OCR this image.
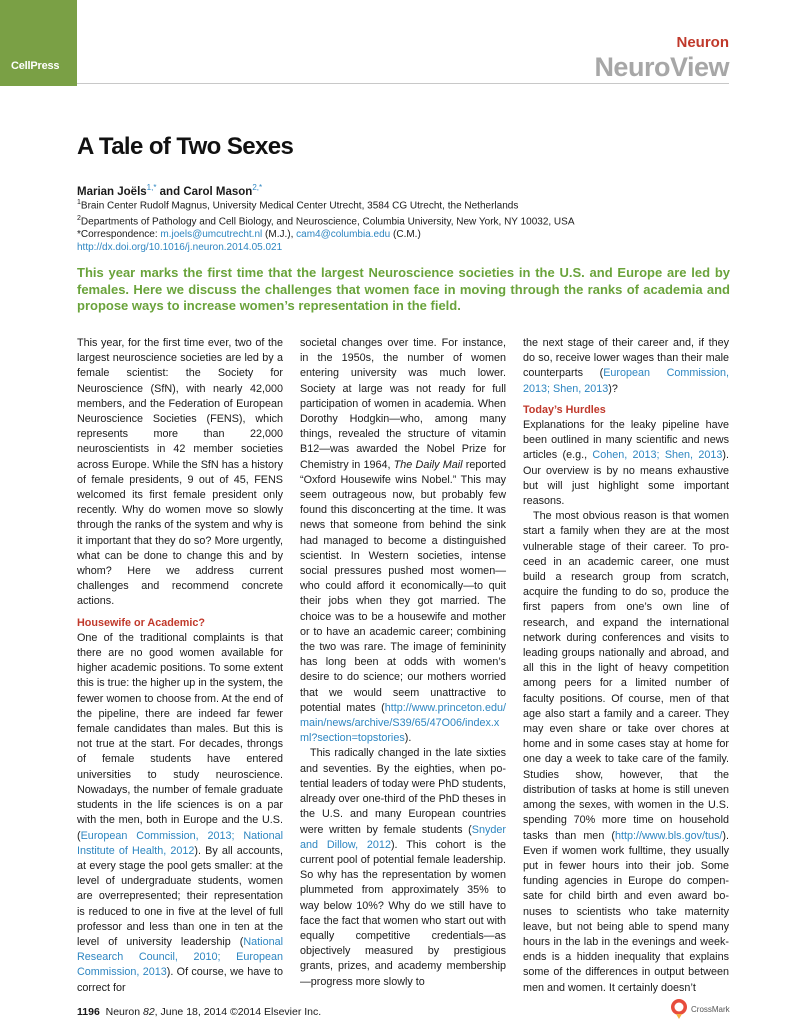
CellPress
Neuron
NeuroView
A Tale of Two Sexes
Marian Joëls$^{1,*}$ and Carol Mason$^{2,*}$
$^1$Brain Center Rudolf Magnus, University Medical Center Utrecht, 3584 CG Utrecht, the Netherlands
$^2$Departments of Pathology and Cell Biology, and Neuroscience, Columbia University, New York, NY 10032, USA
*Correspondence: m.joels@umcutrecht.nl (M.J.), cam4@columbia.edu (C.M.)
http://dx.doi.org/10.1016/j.neuron.2014.05.021

This year marks the first time that the largest Neuroscience societies in the U.S. and Europe are led by females. Here we discuss the challenges that women face in moving through the ranks of academia and propose ways to increase women’s representation in the field.

This year, for the first time ever, two of the largest neuroscience societies are led by a female scientist: the Society for Neuroscience (SfN), with nearly 42,000 members, and the Federation of European Neuroscience Societies (FENS), which represents more than 22,000 neuroscientists in 42 member societies across Europe. While the SfN has a history of female presidents, 9 out of 45, FENS welcomed its first female president only recently. Why do women move so slowly through the ranks of the system and why is it important that they do so? More urgently, what can be done to change this and by whom? Here we address current challenges and recommend concrete actions.

Housewife or Academic?

One of the traditional complaints is that there are no good women available for higher academic positions. To some extent this is true: the higher up in the system, the fewer women to choose from. At the end of the pipeline, there are indeed far fewer female candidates than males. But this is not true at the start. For decades, throngs of female students have entered universities to study neuroscience. Nowadays, the number of female graduate students in the life sciences is on a par with the men, both in Europe and the U.S. (European Commission, 2013; National Institute of Health, 2012). By all accounts, at every stage the pool gets smaller: at the level of undergraduate students, women are overrepresented; their representation is reduced to one in five at the level of full professor and less than one in ten at the level of university leadership (National Research Council, 2010; European Commission, 2013). Of course, we have to correct for

societal changes over time. For instance, in the 1950s, the number of women entering university was much lower. Society at large was not ready for full participation of women in academia. When Dorothy Hodgkin—who, among many things, revealed the structure of vitamin B12—was awarded the Nobel Prize for Chemistry in 1964, The Daily Mail reported “Oxford Housewife wins Nobel.” This may seem outrageous now, but probably few found this disconcerting at the time. It was news that someone from behind the sink had managed to become a distinguished scientist. In Western societies, intense social pressures pushed most women—who could afford it economically—to quit their jobs when they got married. The choice was to be a housewife and mother or to have an academic career; combining the two was rare. The image of femininity has long been at odds with women’s desire to do science; our mothers worried that we would seem unattractive to potential mates (http://www.princeton.edu/main/news/archive/S39/65/47O06/index.xml?section=topstories).

This radically changed in the late sixties and seventies. By the eighties, when potential leaders of today were PhD students, already over one-third of the PhD theses in the U.S. and many European countries were written by female students (Snyder and Dillow, 2012). This cohort is the current pool of potential female leadership. So why has the representation by women plummeted from approximately 35% to way below 10%? Why do we still have to face the fact that women who start out with equally competitive credentials—as objectively measured by prestigious grants, prizes, and academy membership—progress more slowly to

the next stage of their career and, if they do so, receive lower wages than their male counterparts (European Commission, 2013; Shen, 2013)?

Today’s Hurdles

Explanations for the leaky pipeline have been outlined in many scientific and news articles (e.g., Cohen, 2013; Shen, 2013). Our overview is by no means exhaustive but will just highlight some important reasons.

The most obvious reason is that women start a family when they are at the most vulnerable stage of their career. To proceed in an academic career, one must build a research group from scratch, acquire the funding to do so, produce the first papers from one’s own line of research, and expand the international network during conferences and visits to leading groups nationally and abroad, and all this in the light of heavy competition among peers for a limited number of faculty positions. Of course, men of that age also start a family and a career. They may even share or take over chores at home and in some cases stay at home for one day a week to take care of the family. Studies show, however, that the distribution of tasks at home is still uneven among the sexes, with women in the U.S. spending 70% more time on household tasks than men (http://www.bls.gov/tus/). Even if women work fulltime, they usually put in fewer hours into their job. Some funding agencies in Europe do compensate for child birth and even award bonuses to scientists who take maternity leave, but not being able to spend many hours in the lab in the evenings and weekends is a hidden inequality that explains some of the differences in output between men and women. It certainly doesn’t

1196 Neuron 82, June 18, 2014 ©2014 Elsevier Inc.	CrossMark
